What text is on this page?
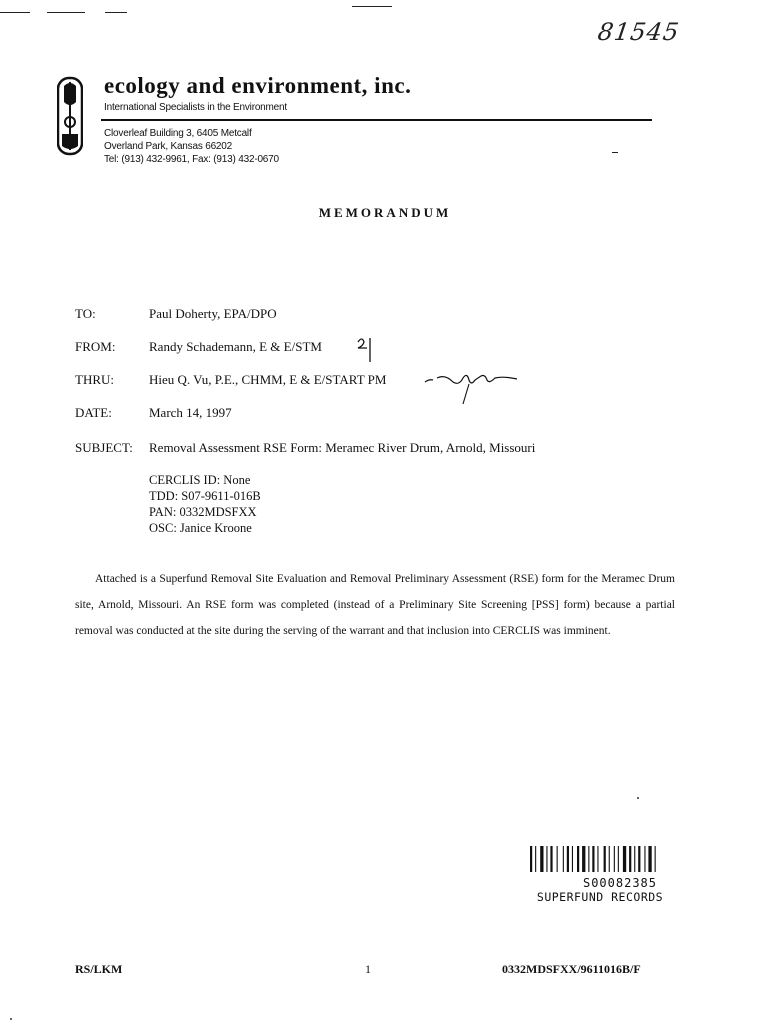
81545
ecology and environment, inc.
International Specialists in the Environment
Cloverleaf Building 3, 6405 Metcalf
Overland Park, Kansas 66202
Tel: (913) 432-9961, Fax: (913) 432-0670
MEMORANDUM
TO:	Paul Doherty, EPA/DPO
FROM:	Randy Schademann, E & E/STM
THRU:	Hieu Q. Vu, P.E., CHMM, E & E/START PM
DATE:	March 14, 1997
SUBJECT: Removal Assessment RSE Form: Meramec River Drum, Arnold, Missouri
CERCLIS ID: None
TDD: S07-9611-016B
PAN: 0332MDSFXX
OSC: Janice Kroone

Attached is a Superfund Removal Site Evaluation and Removal Preliminary Assessment (RSE) form for the Meramec Drum site, Arnold, Missouri. An RSE form was completed (instead of a Preliminary Site Screening [PSS] form) because a partial removal was conducted at the site during the serving of the warrant and that inclusion into CERCLIS was imminent.

S00082385
SUPERFUND RECORDS
RS/LKM	1	0332MDSFXX/9611016B/F
